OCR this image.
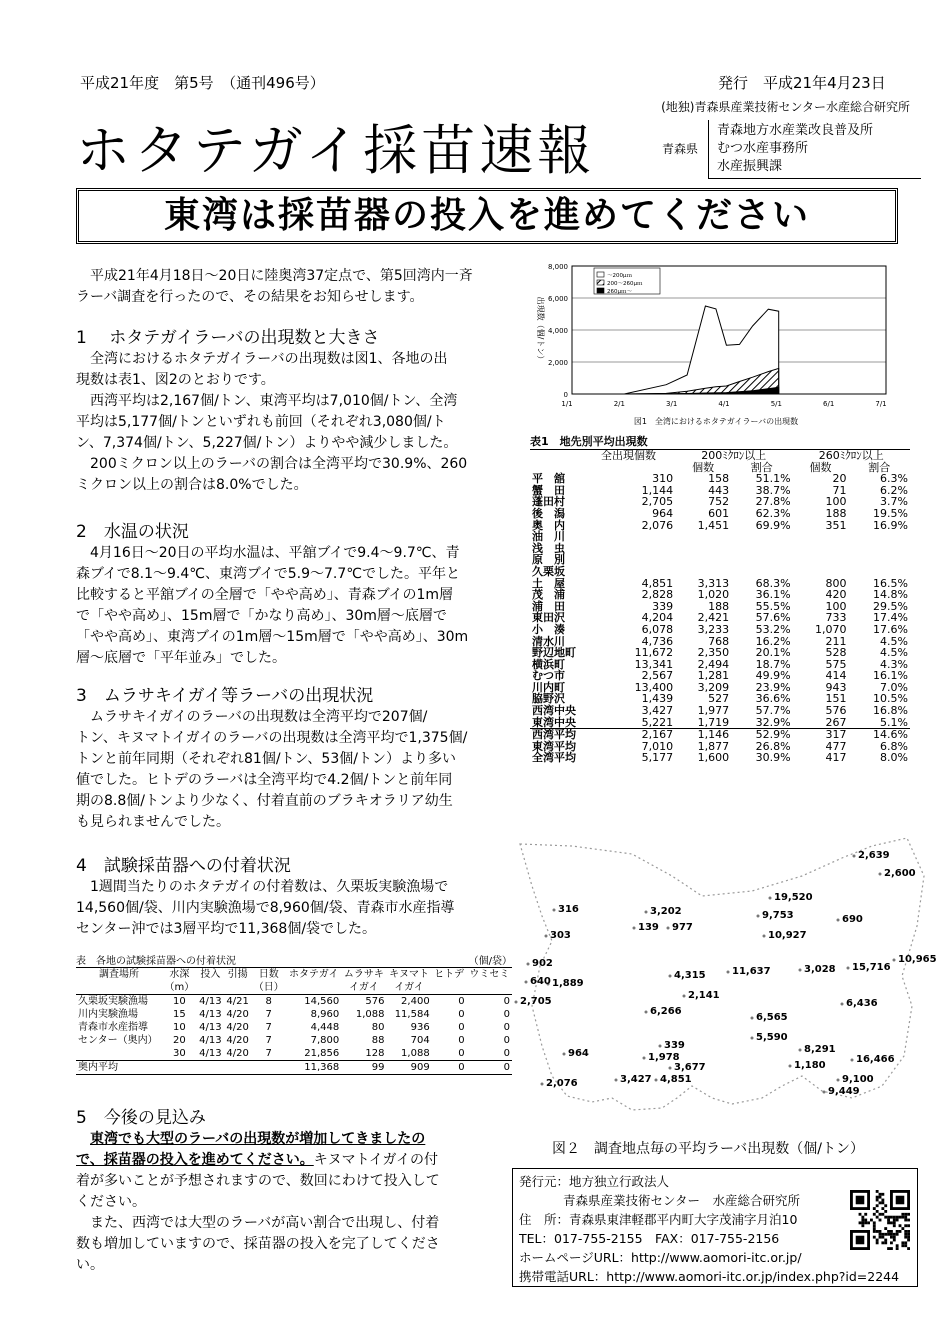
平成21年度　第5号　（通刊496号）	発行　平成21年4月23日
(地独)青森県産業技術センター水産総合研究所
ホタテガイ採苗速報	青森県
青森地方水産業改良普及所
むつ水産事務所
水産振興課
東湾は採苗器の投入を進めてください
平成21年4月18日～20日に陸奥湾37定点で、第5回湾内一斉
ラーバ調査を行ったので、その結果をお知らせします。
1　 ホタテガイラーバの出現数と大きさ
全湾におけるホタテガイラーバの出現数は図1、各地の出
現数は表1、図2のとおりです。
西湾平均は2,167個/トン、東湾平均は7,010個/トン、全湾
平均は5,177個/トンといずれも前回（それぞれ3,080個/ト
ン、7,374個/トン、5,227個/トン）よりやや減少しました。
200ミクロン以上のラーバの割合は全湾平均で30.9%、260
ミクロン以上の割合は8.0%でした。
2　水温の状況
4月16日～20日の平均水温は、平舘ブイで9.4～9.7℃、青
森ブイで8.1～9.4℃、東湾ブイで5.9～7.7℃でした。平年と
比較すると平舘ブイの全層で「やや高め」、青森ブイの1m層
で「やや高め」、15m層で「かなり高め」、30m層～底層で
「やや高め」、東湾ブイの1m層～15m層で「やや高め」、30m
層～底層で「平年並み」でした。
3　ムラサキイガイ等ラーバの出現状況
ムラサキイガイのラーバの出現数は全湾平均で207個/
トン、キヌマトイガイのラーバの出現数は全湾平均で1,375個/
トンと前年同期（それぞれ81個/トン、53個/トン）より多い
値でした。ヒトデのラーバは全湾平均で4.2個/トンと前年同
期の8.8個/トンより少なく、付着直前のブラキオラリア幼生
も見られませんでした。
4　試験採苗器への付着状況
1週間当たりのホタテガイの付着数は、久栗坂実験漁場で
14,560個/袋、川内実験漁場で8,960個/袋、青森市水産指導
センター沖では3層平均で11,368個/袋でした。
表　各地の試験採苗器への付着状況	（個/袋）
調査場所	水深	投入	引揚	日数	ホタテガイ	ムラサキ	キヌマト	ヒトデ	ウミセミ
	（m）			（日）		イガイ	イガイ		
久栗坂実験漁場	10	4/13	4/21	8	14,560	576	2,400	0	0
川内実験漁場	15	4/13	4/20	7	8,960	1,088	11,584	0	0
青森市水産指導	10	4/13	4/20	7	4,448	80	936	0	0
センター（奥内）	20	4/13	4/20	7	7,800	88	704	0	0
	30	4/13	4/20	7	21,856	128	1,088	0	0
奥内平均					11,368	99	909	0	0
5　今後の見込み
東湾でも大型のラーバの出現数が増加してきましたの
で、採苗器の投入を進めてください。キヌマトイガイの付
着が多いことが予想されますので、数回にわけて投入して
ください。
また、西湾では大型のラーバが高い割合で出現し、付着
数も増加していますので、採苗器の投入を完了してくださ
い。
8,000
6,000
4,000
2,000
0
1/1	2/1	3/1	4/1	5/1	6/1	7/1
～200μｍ
200～260μｍ
260μｍ～
図1　全湾におけるホタテガイラーバの出現数
出現数（個/トン）
表1　地先別平均出現数
	全出現個数	200ﾐｸﾛﾝ以上		260ﾐｸﾛﾝ以上	
		個数	割合	個数	割合
平　舘	310	158	51.1%	20	6.3%
蟹　田	1,144	443	38.7%	71	6.2%
蓬田村	2,705	752	27.8%	100	3.7%
後　潟	964	601	62.3%	188	19.5%
奥　内	2,076	1,451	69.9%	351	16.9%
油　川					
浅　虫					
原　別					
久栗坂					
土　屋	4,851	3,313	68.3%	800	16.5%
茂　浦	2,828	1,020	36.1%	420	14.8%
浦　田	339	188	55.5%	100	29.5%
東田沢	4,204	2,421	57.6%	733	17.4%
小　湊	6,078	3,233	53.2%	1,070	17.6%
清水川	4,736	768	16.2%	211	4.5%
野辺地町	11,672	2,350	20.1%	528	4.5%
横浜町	13,341	2,494	18.7%	575	4.3%
むつ市	2,567	1,281	49.9%	414	16.1%
川内町	13,400	3,209	23.9%	943	7.0%
脇野沢	1,439	527	36.6%	151	10.5%
西湾中央	3,427	1,977	57.7%	576	16.8%
東湾中央	5,221	1,719	32.9%	267	5.1%
西湾平均	2,167	1,146	52.9%	317	14.6%
東湾平均	7,010	1,877	26.8%	477	6.8%
全湾平均	5,177	1,600	30.9%	417	8.0%
2,639
2,600
19,520
316	3,202	9,753	690
303
139 977
10,927
10,965
902
11,637	3,028 15,716
640 1,889
4,315
2,705
2,141
6,436
6,266
6,565
5,590
339	8,291
964	1,978	16,466
3,677	1,180
2,076	3,427 4,851	9,100
9,449
図２　調査地点毎の平均ラーバ出現数（個/トン）
発行元：地方独立行政法人
青森県産業技術センター　水産総合研究所
住　所：青森県東津軽郡平内町大字茂浦字月泊10
TEL：017-755-2155　FAX：017-755-2156
ホームページURL：http://www.aomori-itc.or.jp/
携帯電話URL：http://www.aomori-itc.or.jp/index.php?id=2244
